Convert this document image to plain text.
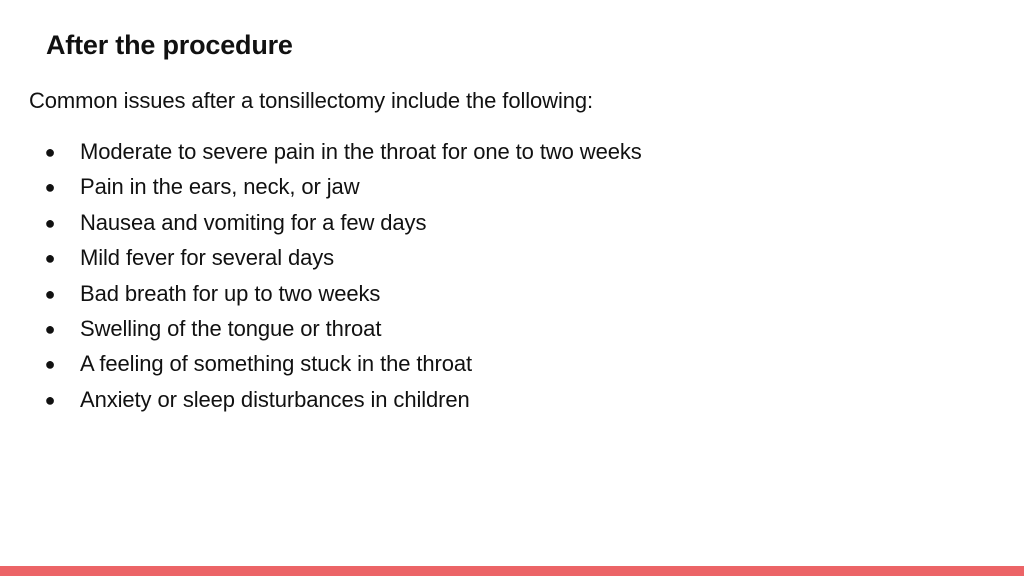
After the procedure

Common issues after a tonsillectomy include the following:

● Moderate to severe pain in the throat for one to two weeks
● Pain in the ears, neck, or jaw
● Nausea and vomiting for a few days
● Mild fever for several days
● Bad breath for up to two weeks
● Swelling of the tongue or throat
● A feeling of something stuck in the throat
● Anxiety or sleep disturbances in children
